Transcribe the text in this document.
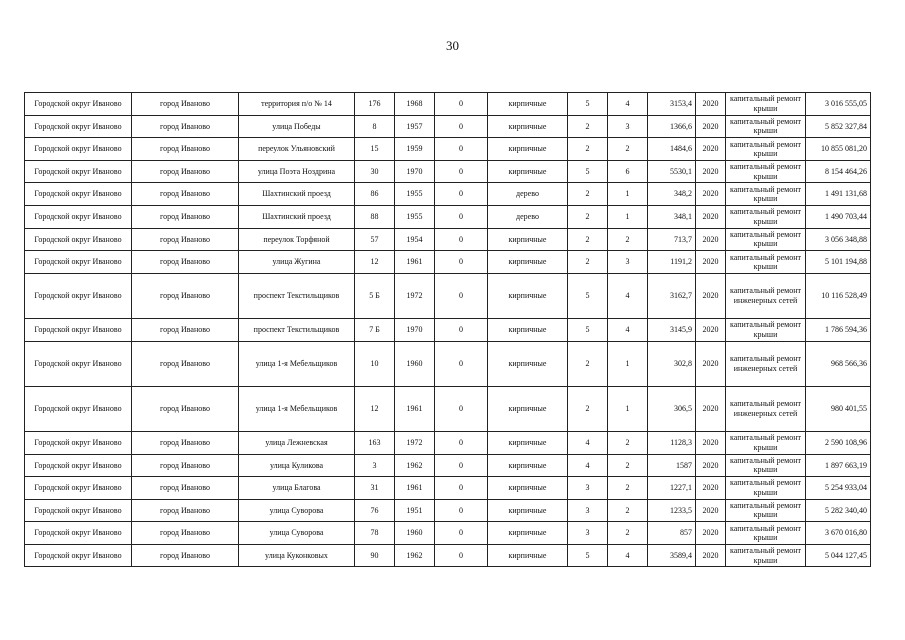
30
Городской округ Иваново	город Иваново	территория п/о № 14	176	1968	0	кирпичные	5	4	3153,4	2020	капитальный ремонт крыши	3 016 555,05
Городской округ Иваново	город Иваново	улица Победы	8	1957	0	кирпичные	2	3	1366,6	2020	капитальный ремонт крыши	5 852 327,84
Городской округ Иваново	город Иваново	переулок Ульяновский	15	1959	0	кирпичные	2	2	1484,6	2020	капитальный ремонт крыши	10 855 081,20
Городской округ Иваново	город Иваново	улица Поэта Ноздрина	30	1970	0	кирпичные	5	6	5530,1	2020	капитальный ремонт крыши	8 154 464,26
Городской округ Иваново	город Иваново	Шахтинский проезд	86	1955	0	дерево	2	1	348,2	2020	капитальный ремонт крыши	1 491 131,68
Городской округ Иваново	город Иваново	Шахтинский проезд	88	1955	0	дерево	2	1	348,1	2020	капитальный ремонт крыши	1 490 703,44
Городской округ Иваново	город Иваново	переулок Торфяной	57	1954	0	кирпичные	2	2	713,7	2020	капитальный ремонт крыши	3 056 348,88
Городской округ Иваново	город Иваново	улица Жугина	12	1961	0	кирпичные	2	3	1191,2	2020	капитальный ремонт крыши	5 101 194,88
Городской округ Иваново	город Иваново	проспект Текстильщиков	5 Б	1972	0	кирпичные	5	4	3162,7	2020	капитальный ремонт инженерных сетей	10 116 528,49
Городской округ Иваново	город Иваново	проспект Текстильщиков	7 Б	1970	0	кирпичные	5	4	3145,9	2020	капитальный ремонт крыши	1 786 594,36
Городской округ Иваново	город Иваново	улица 1-я Мебельщиков	10	1960	0	кирпичные	2	1	302,8	2020	капитальный ремонт инженерных сетей	968 566,36
Городской округ Иваново	город Иваново	улица 1-я Мебельщиков	12	1961	0	кирпичные	2	1	306,5	2020	капитальный ремонт инженерных сетей	980 401,55
Городской округ Иваново	город Иваново	улица Лежневская	163	1972	0	кирпичные	4	2	1128,3	2020	капитальный ремонт крыши	2 590 108,96
Городской округ Иваново	город Иваново	улица Куликова	3	1962	0	кирпичные	4	2	1587	2020	капитальный ремонт крыши	1 897 663,19
Городской округ Иваново	город Иваново	улица Благова	31	1961	0	кирпичные	3	2	1227,1	2020	капитальный ремонт крыши	5 254 933,04
Городской округ Иваново	город Иваново	улица Суворова	76	1951	0	кирпичные	3	2	1233,5	2020	капитальный ремонт крыши	5 282 340,40
Городской округ Иваново	город Иваново	улица Суворова	78	1960	0	кирпичные	3	2	857	2020	капитальный ремонт крыши	3 670 016,80
Городской округ Иваново	город Иваново	улица Куконковых	90	1962	0	кирпичные	5	4	3589,4	2020	капитальный ремонт крыши	5 044 127,45
